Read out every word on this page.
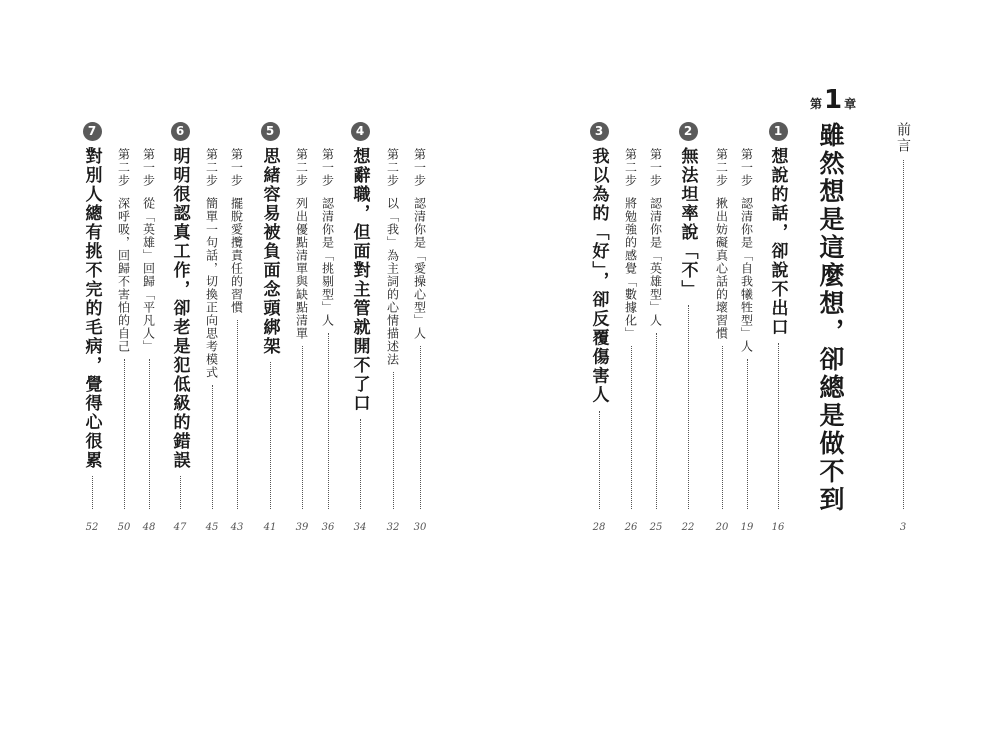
前言
3
第 1 章
雖然想是這麼想，卻總是做不到
1
想說的話，卻說不出口
16
第一步
認清你是「自我犧牲型」人
19
第二步
揪出妨礙真心話的壞習慣
20
2
無法坦率說「不」
22
第一步
認清你是「英雄型」人
25
第二步
將勉強的感覺「數據化」
26
3
我以為的「好」，卻反覆傷害人
28
第一步
認清你是「愛操心型」人
30
第二步
以「我」為主詞的心情描述法
32
4
想辭職，但面對主管就開不了口
34
第一步
認清你是「挑剔型」人
36
第二步
列出優點清單與缺點清單
39
5
思緒容易被負面念頭綁架
41
第一步
擺脫愛攬責任的習慣
43
第二步
簡單一句話，切換正向思考模式
45
6
明明很認真工作，卻老是犯低級的錯誤
47
第一步
從「英雄」回歸「平凡人」
48
第二步
深呼吸，回歸不害怕的自己
50
7
對別人總有挑不完的毛病，覺得心很累
52
